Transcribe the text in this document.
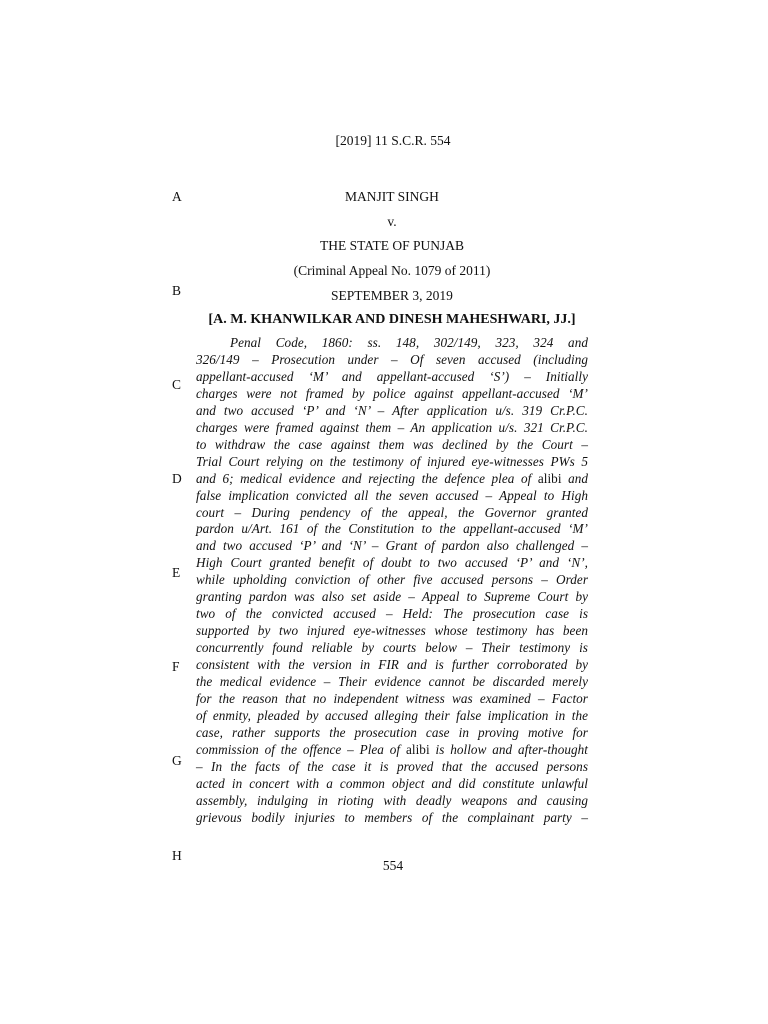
[2019] 11 S.C.R. 554
MANJIT SINGH
v.
THE STATE OF PUNJAB
(Criminal Appeal No. 1079 of 2011)
SEPTEMBER 3, 2019
[A. M. KHANWILKAR AND DINESH MAHESHWARI, JJ.]
A
B
C
D
E
F
G
H
Penal Code, 1860: ss. 148, 302/149, 323, 324 and
326/149 – Prosecution under – Of seven accused (including
appellant-accused ‘M’ and appellant-accused ‘S’) – Initially
charges were not framed by police against appellant-accused ‘M’
and two accused ‘P’ and ‘N’ – After application u/s. 319 Cr.P.C.
charges were framed against them – An application u/s. 321 Cr.P.C.
to withdraw the case against them was declined by the Court –
Trial Court relying on the testimony of injured eye-witnesses PWs 5
and 6; medical evidence and rejecting the defence plea of alibi and
false implication convicted all the seven accused – Appeal to High
court – During pendency of the appeal, the Governor granted
pardon u/Art. 161 of the Constitution to the appellant-accused ‘M’
and two accused ‘P’ and ‘N’ – Grant of pardon also challenged –
High Court granted benefit of doubt to two accused ‘P’ and ‘N’,
while upholding conviction of other five accused persons – Order
granting pardon was also set aside – Appeal to Supreme Court by
two of the convicted accused – Held: The prosecution case is
supported by two injured eye-witnesses whose testimony has been
concurrently found reliable by courts below – Their testimony is
consistent with the version in FIR and is further corroborated by
the medical evidence – Their evidence cannot be discarded merely
for the reason that no independent witness was examined – Factor
of enmity, pleaded by accused alleging their false implication in the
case, rather supports the prosecution case in proving motive for
commission of the offence – Plea of alibi is hollow and after-thought
– In the facts of the case it is proved that the accused persons
acted in concert with a common object and did constitute unlawful
assembly, indulging in rioting with deadly weapons and causing
grievous bodily injuries to members of the complainant party –
554
